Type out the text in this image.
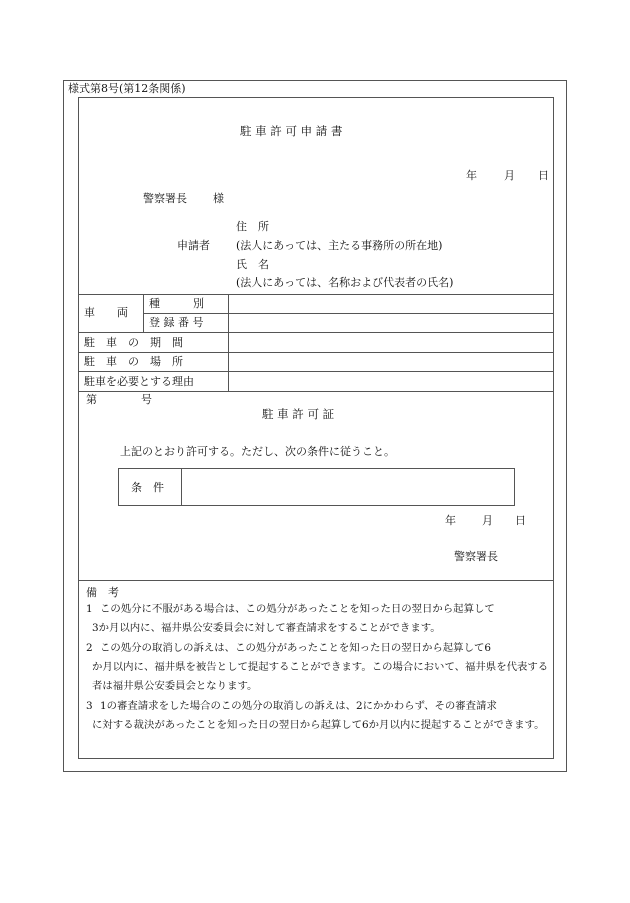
様式第8号(第12条関係)
駐 車 許 可 申 請 書
年 月 日
警察署長 様
住　所
申請者 (法人にあっては、主たる事務所の所在地)
氏　名
(法人にあっては、名称および代表者の氏名)
車　　両
種　　　別
登 録 番 号
駐　車　の　期　間
駐　車　の　場　所
駐車を必要とする理由
第　　　　号
駐 車 許 可 証
上記のとおり許可する。ただし、次の条件に従うこと。
条　件
年 月 日
警察署長
備　考
1 この処分に不服がある場合は、この処分があったことを知った日の翌日から起算して
3か月以内に、福井県公安委員会に対して審査請求をすることができます。
2 この処分の取消しの訴えは、この処分があったことを知った日の翌日から起算して6
か月以内に、福井県を被告として提起することができます。この場合において、福井県を代表する者は福井県公安委員会となります。
3 1の審査請求をした場合のこの処分の取消しの訴えは、2にかかわらず、その審査請求
に対する裁決があったことを知った日の翌日から起算して6か月以内に提起することができます。
